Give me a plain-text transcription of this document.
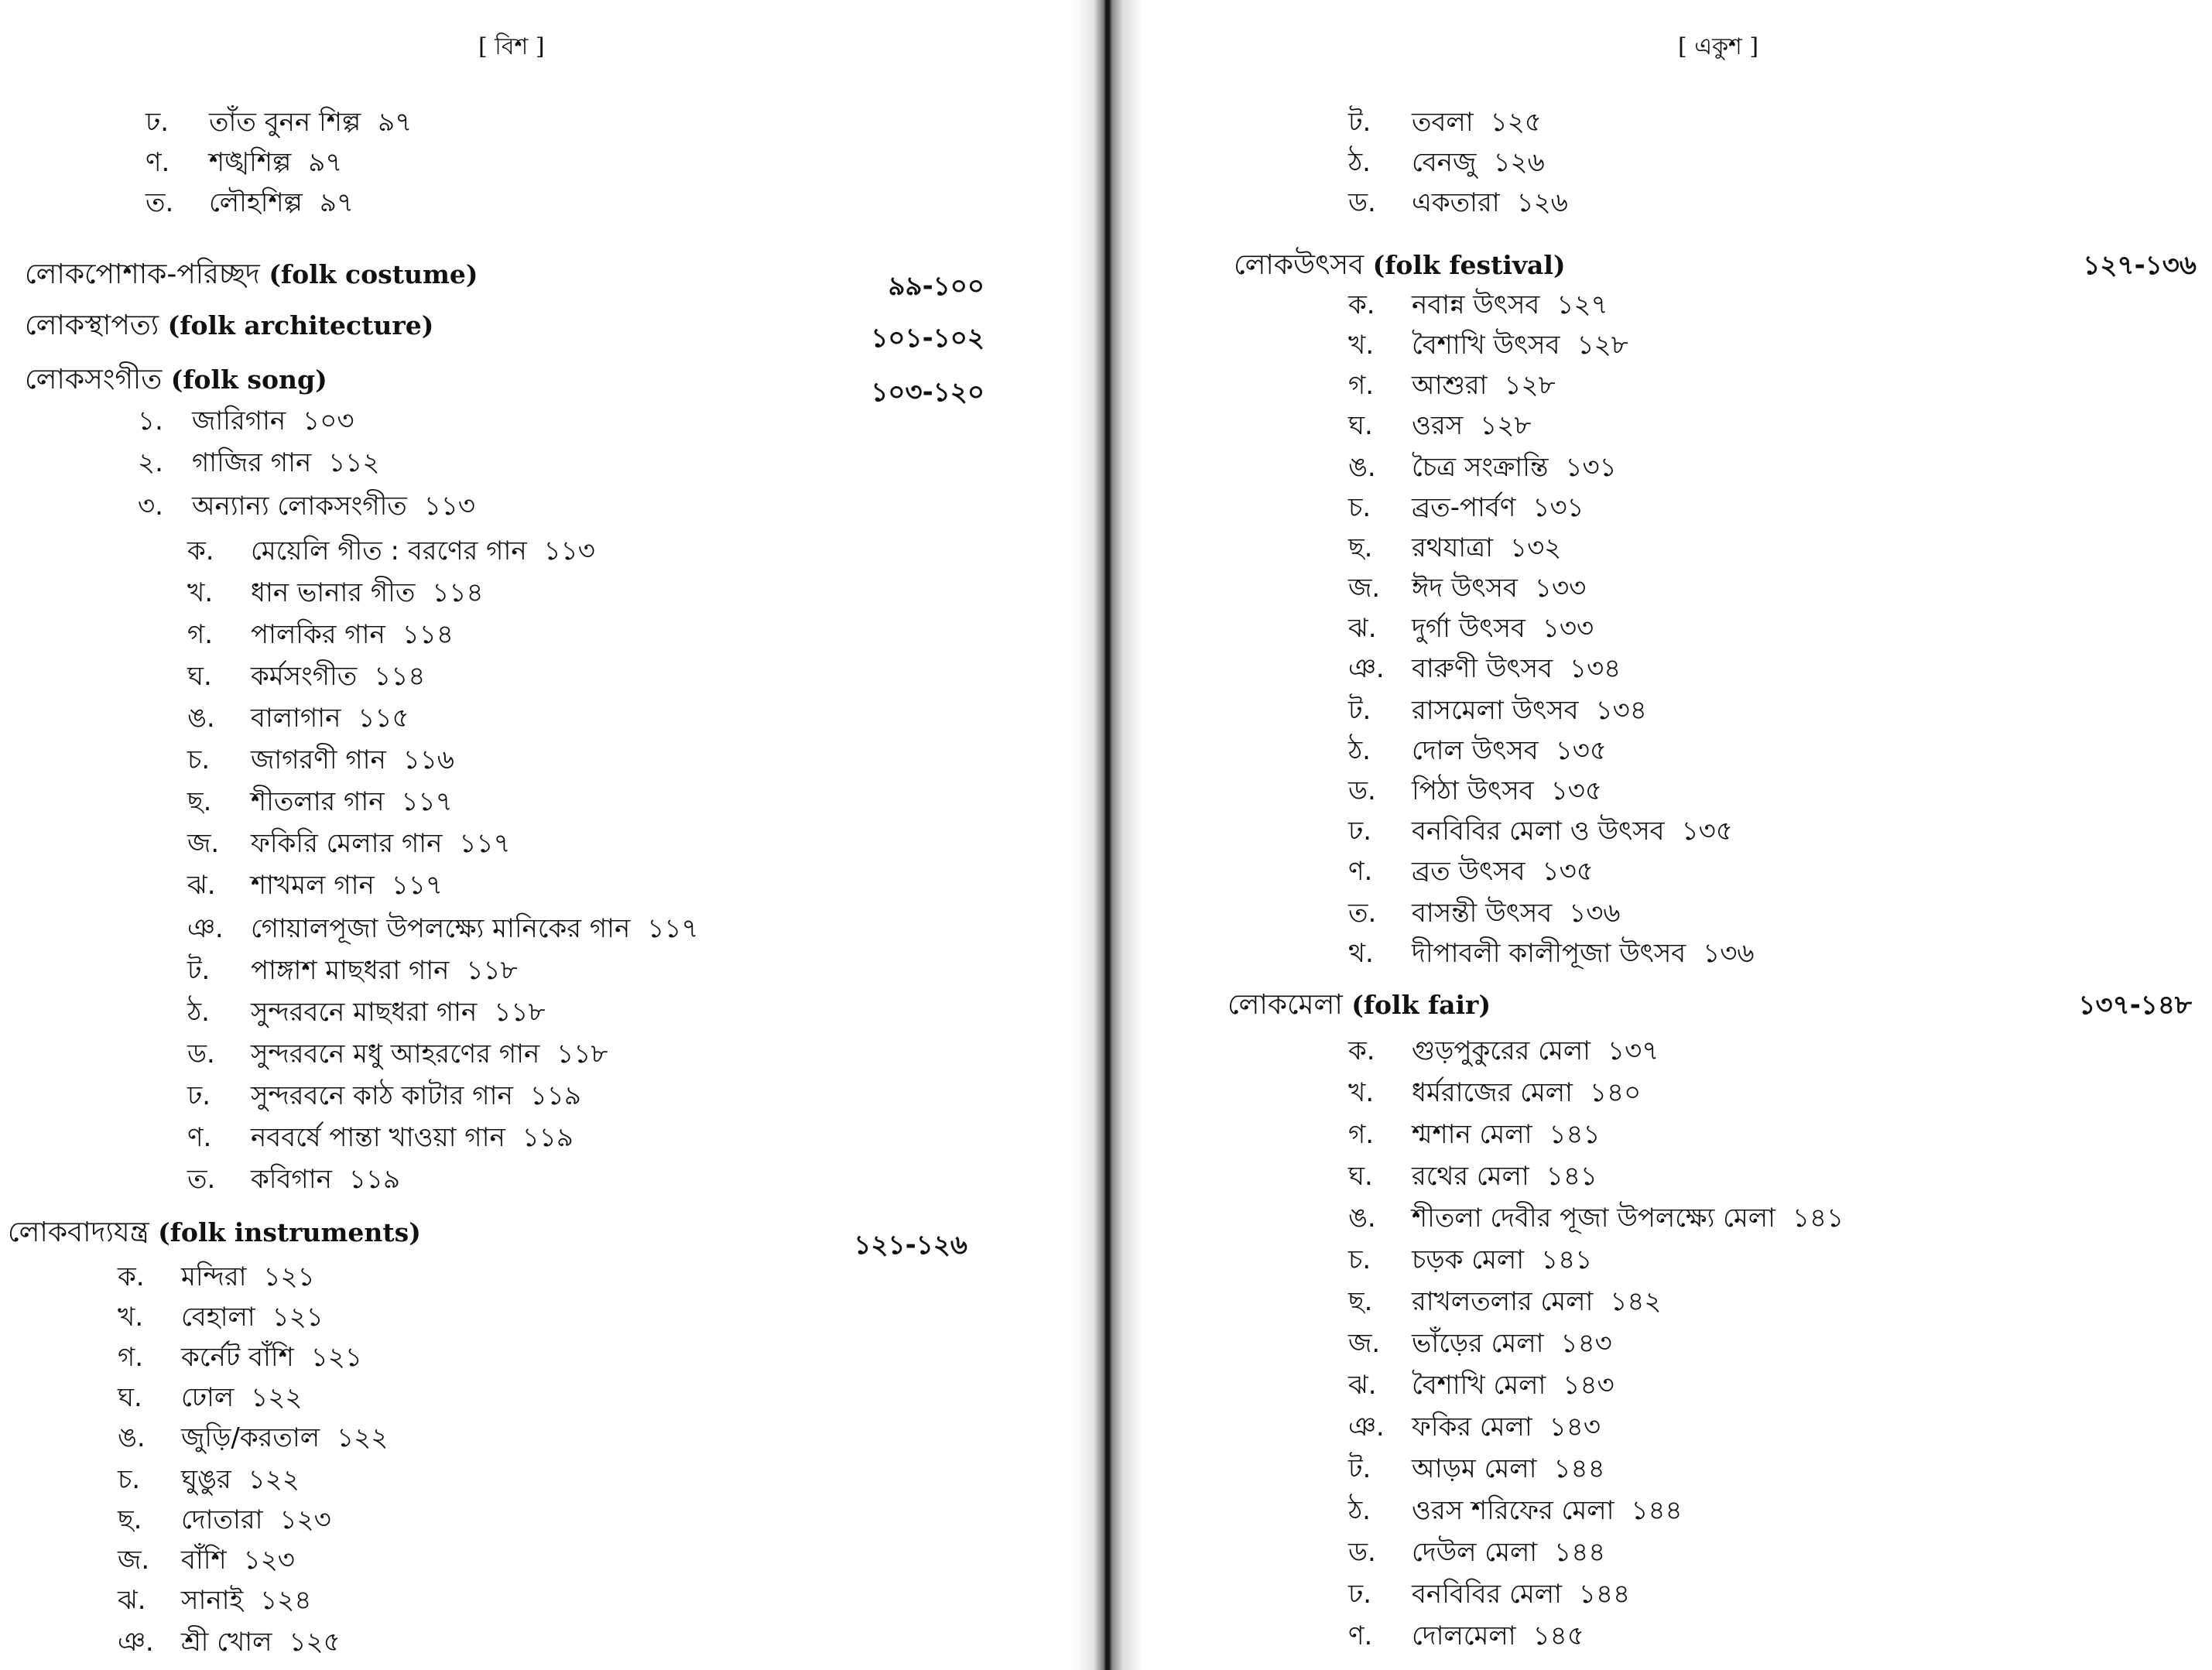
[ বিশ ]

ঢ. তাঁত বুনন শিল্প ৯৭

ণ. শঙ্খশিল্প ৯৭

ত. লৌহশিল্প ৯৭

লোকপোশাক-পরিচ্ছদ (folk costume)	৯৯-১০০
লোকস্থাপত্য (folk architecture)	১০১-১০২
লোকসংগীত (folk song)	১০৩-১২০

১. জারিগান ১০৩

২. গাজির গান ১১২

৩. অন্যান্য লোকসংগীত ১১৩

ক. মেয়েলি গীত : বরণের গান ১১৩

খ. ধান ভানার গীত ১১৪

গ. পালকির গান ১১৪

ঘ. কর্মসংগীত ১১৪

ঙ. বালাগান ১১৫

চ. জাগরণী গান ১১৬

ছ. শীতলার গান ১১৭

জ. ফকিরি মেলার গান ১১৭

ঝ. শাখমল গান ১১৭

ঞ. গোয়ালপূজা উপলক্ষ্যে মানিকের গান ১১৭

ট. পাঙ্গাশ মাছধরা গান ১১৮

ঠ. সুন্দরবনে মাছধরা গান ১১৮

ড. সুন্দরবনে মধু আহরণের গান ১১৮

ঢ. সুন্দরবনে কাঠ কাটার গান ১১৯

ণ. নববর্ষে পান্তা খাওয়া গান ১১৯

ত. কবিগান ১১৯

লোকবাদ্যযন্ত্র (folk instruments)	১২১-১২৬

ক. মন্দিরা ১২১

খ. বেহালা ১২১

গ. কর্নেট বাঁশি ১২১

ঘ. ঢোল ১২২

ঙ. জুড়ি/করতাল ১২২

চ. ঘুঙুর ১২২

ছ. দোতারা ১২৩

জ. বাঁশি ১২৩

ঝ. সানাই ১২৪

ঞ. শ্রী খোল ১২৫

[ একুশ ]

ট. তবলা ১২৫

ঠ. বেনজু ১২৬

ড. একতারা ১২৬

লোকউৎসব (folk festival)	১২৭-১৩৬

ক. নবান্ন উৎসব ১২৭

খ. বৈশাখি উৎসব ১২৮

গ. আশুরা ১২৮

ঘ. ওরস ১২৮

ঙ. চৈত্র সংক্রান্তি ১৩১

চ. ব্রত-পার্বণ ১৩১

ছ. রথযাত্রা ১৩২

জ. ঈদ উৎসব ১৩৩

ঝ. দুর্গা উৎসব ১৩৩

ঞ. বারুণী উৎসব ১৩৪

ট. রাসমেলা উৎসব ১৩৪

ঠ. দোল উৎসব ১৩৫

ড. পিঠা উৎসব ১৩৫

ঢ. বনবিবির মেলা ও উৎসব ১৩৫

ণ. ব্রত উৎসব ১৩৫

ত. বাসন্তী উৎসব ১৩৬

থ. দীপাবলী কালীপূজা উৎসব ১৩৬

লোকমেলা (folk fair)	১৩৭-১৪৮

ক. গুড়পুকুরের মেলা ১৩৭

খ. ধর্মরাজের মেলা ১৪০

গ. শ্মশান মেলা ১৪১

ঘ. রথের মেলা ১৪১

ঙ. শীতলা দেবীর পূজা উপলক্ষ্যে মেলা ১৪১

চ. চড়ক মেলা ১৪১

ছ. রাখলতলার মেলা ১৪২

জ. ভাঁড়ের মেলা ১৪৩

ঝ. বৈশাখি মেলা ১৪৩

ঞ. ফকির মেলা ১৪৩

ট. আড়ম মেলা ১৪৪

ঠ. ওরস শরিফের মেলা ১৪৪

ড. দেউল মেলা ১৪৪

ঢ. বনবিবির মেলা ১৪৪

ণ. দোলমেলা ১৪৫
